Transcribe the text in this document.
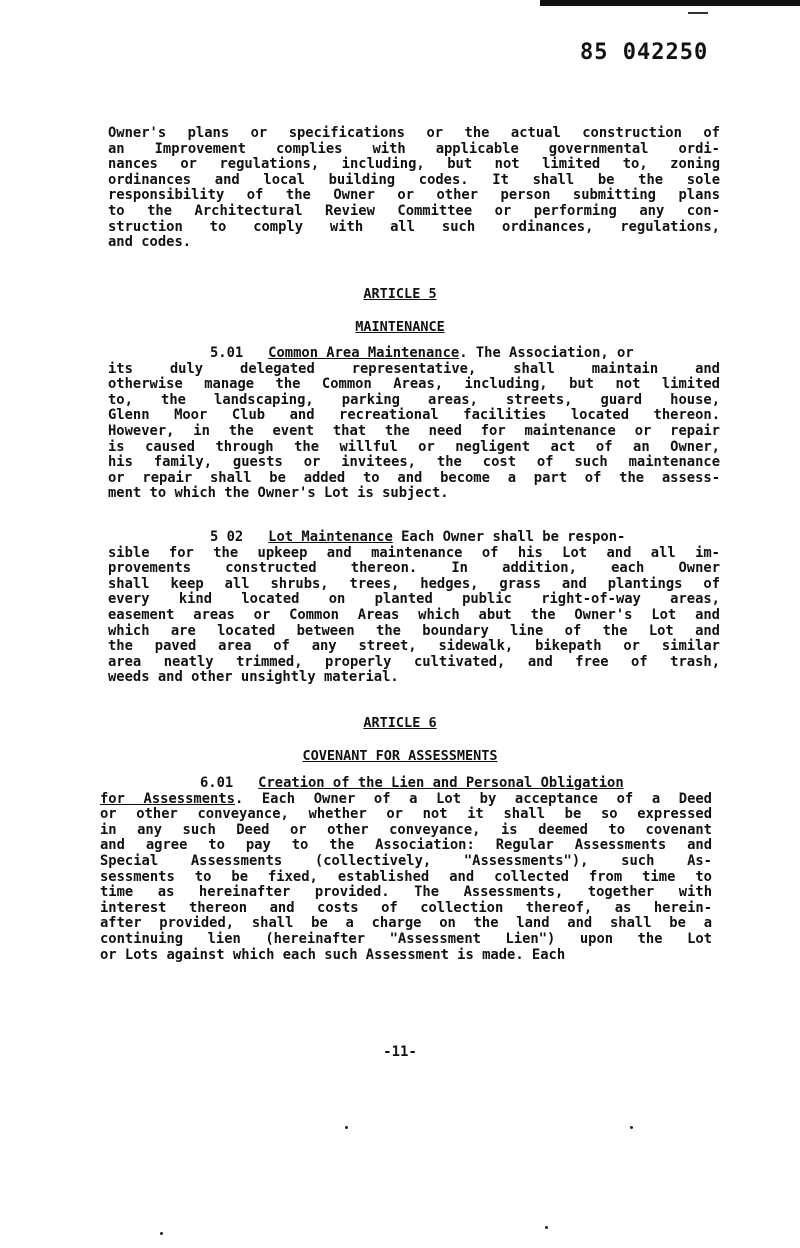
85 042250
Owner's plans or specifications or the actual construction of
an Improvement complies with applicable governmental ordi-
nances or regulations, including, but not limited to, zoning
ordinances and local building codes. It shall be the sole
responsibility of the Owner or other person submitting plans
to the Architectural Review Committee or performing any con-
struction to comply with all such ordinances, regulations,
and codes.
ARTICLE 5
MAINTENANCE
5.01 Common Area Maintenance. The Association, or
its duly delegated representative, shall maintain and
otherwise manage the Common Areas, including, but not limited
to, the landscaping, parking areas, streets, guard house,
Glenn Moor Club and recreational facilities located thereon.
However, in the event that the need for maintenance or repair
is caused through the willful or negligent act of an Owner,
his family, guests or invitees, the cost of such maintenance
or repair shall be added to and become a part of the assess-
ment to which the Owner's Lot is subject.
5 02 Lot Maintenance Each Owner shall be respon-
sible for the upkeep and maintenance of his Lot and all im-
provements constructed thereon. In addition, each Owner
shall keep all shrubs, trees, hedges, grass and plantings of
every kind located on planted public right-of-way areas,
easement areas or Common Areas which abut the Owner's Lot and
which are located between the boundary line of the Lot and
the paved area of any street, sidewalk, bikepath or similar
area neatly trimmed, properly cultivated, and free of trash,
weeds and other unsightly material.
ARTICLE 6
COVENANT FOR ASSESSMENTS
6.01 Creation of the Lien and Personal Obligation
for Assessments. Each Owner of a Lot by acceptance of a Deed
or other conveyance, whether or not it shall be so expressed
in any such Deed or other conveyance, is deemed to covenant
and agree to pay to the Association: Regular Assessments and
Special Assessments (collectively, "Assessments"), such As-
sessments to be fixed, established and collected from time to
time as hereinafter provided. The Assessments, together with
interest thereon and costs of collection thereof, as herein-
after provided, shall be a charge on the land and shall be a
continuing lien (hereinafter "Assessment Lien") upon the Lot
or Lots against which each such Assessment is made. Each
-11-
